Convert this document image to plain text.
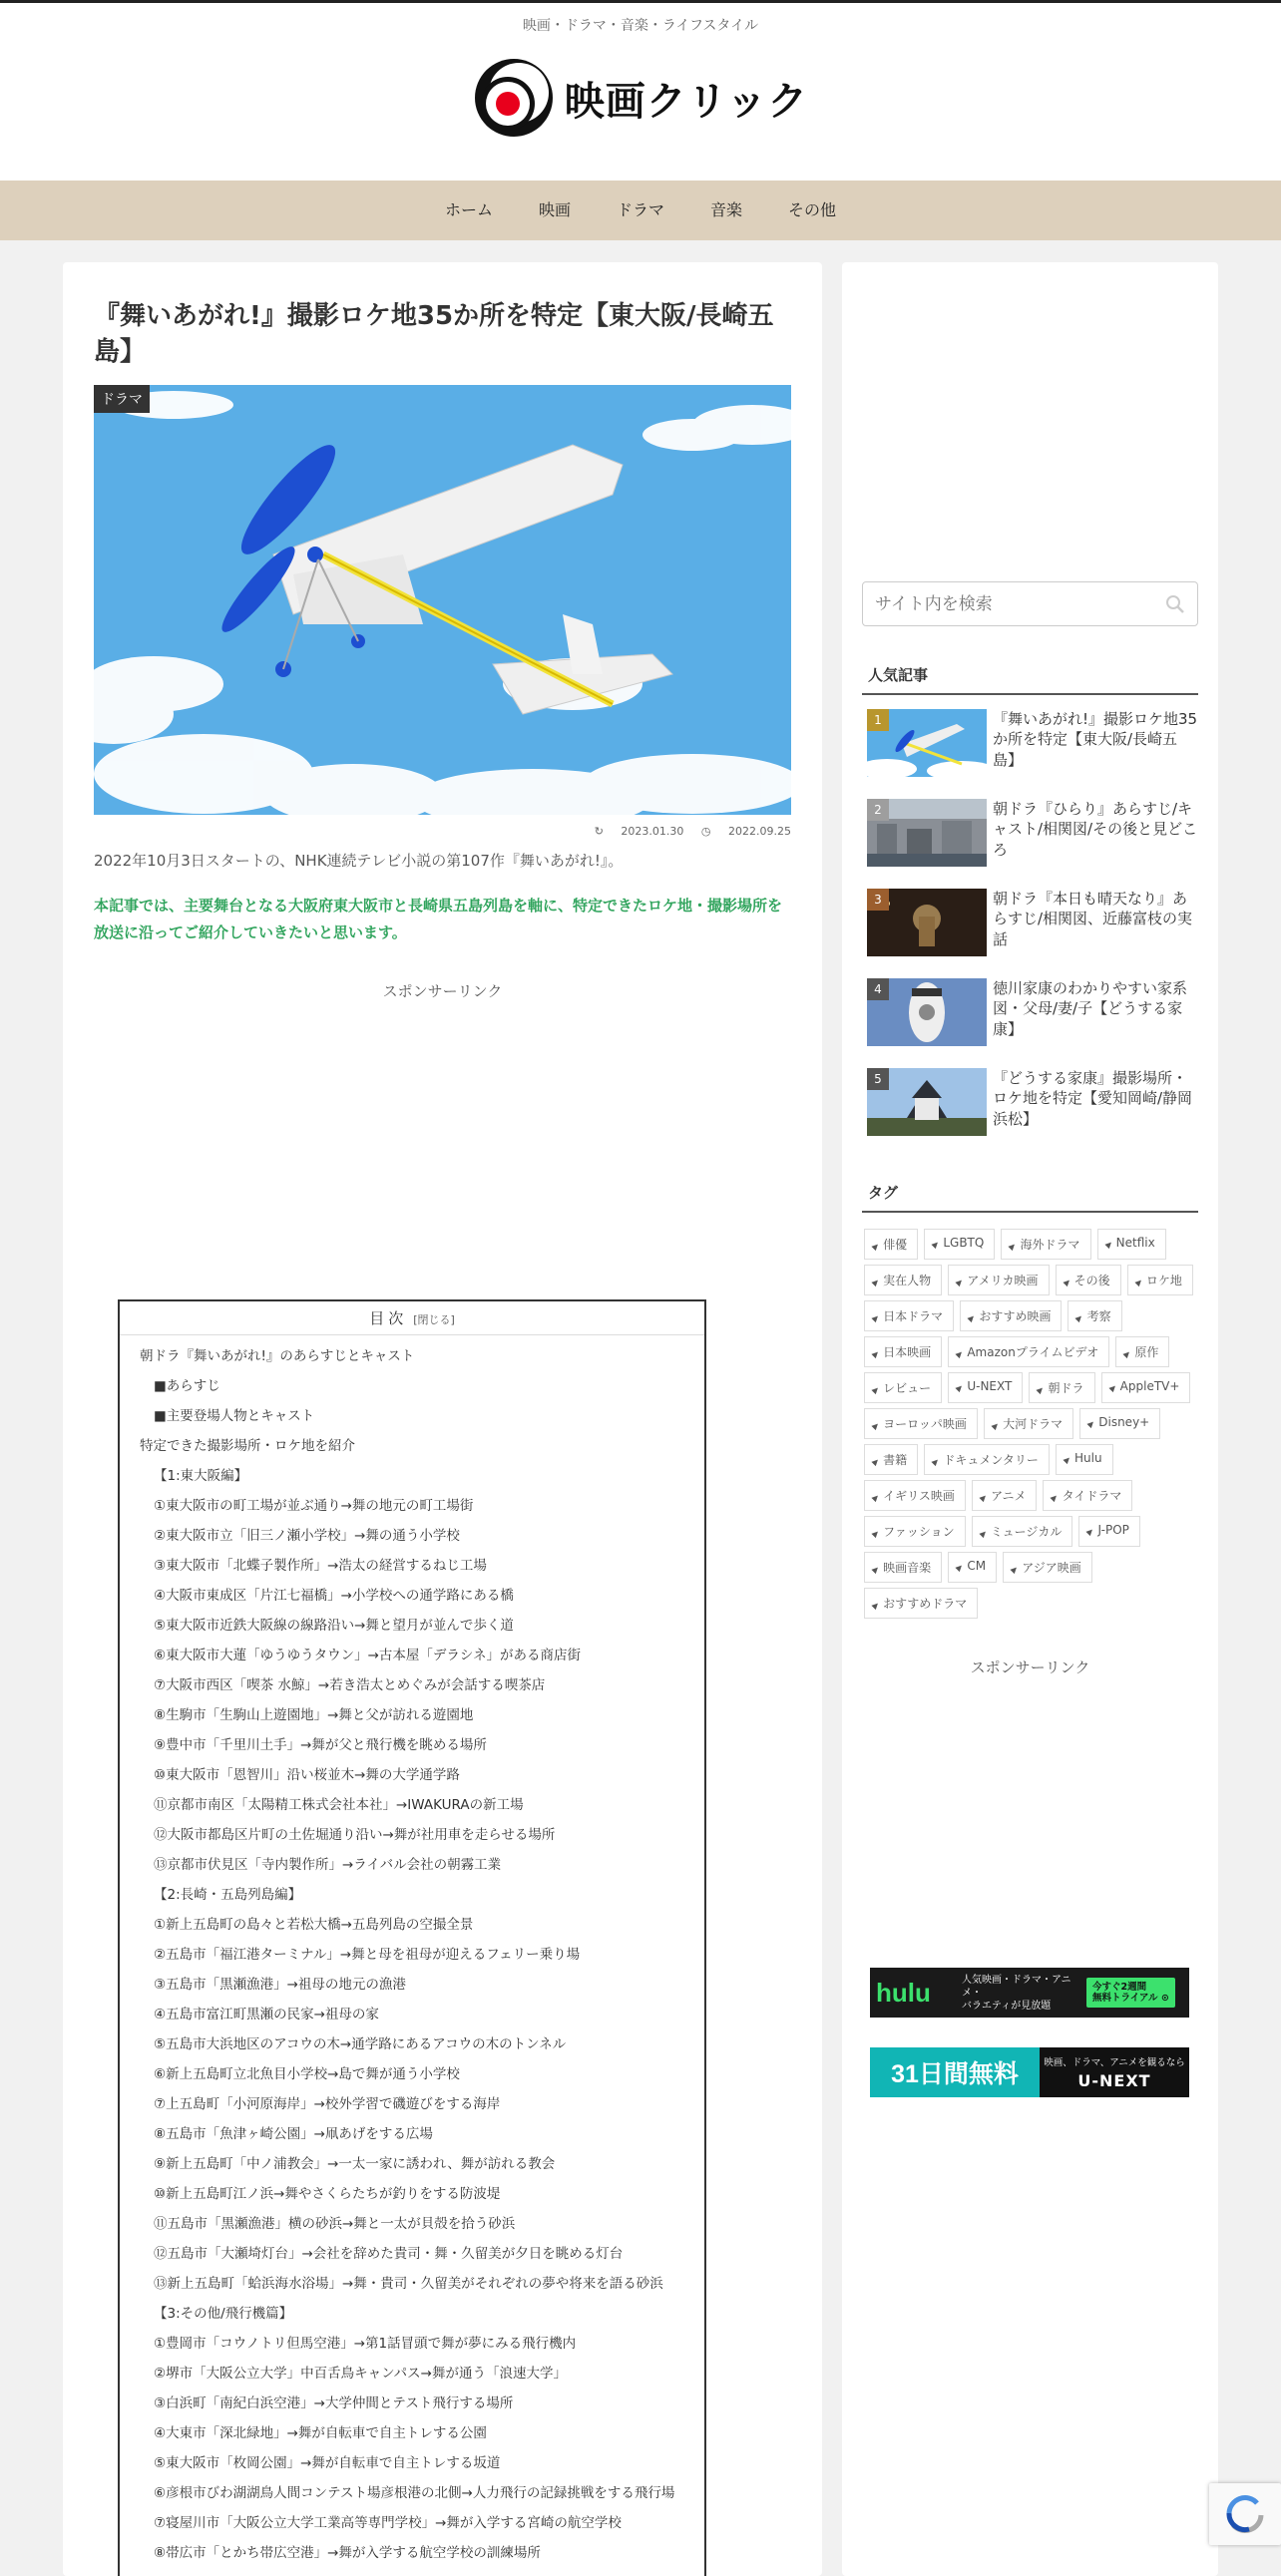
映画・ドラマ・音楽・ライフスタイル
映画クリック
ホーム	映画	ドラマ	音楽	その他
『舞いあがれ!』撮影ロケ地35か所を特定【東大阪/長崎五島】
ドラマ
↻ 2023.01.30 ◷ 2022.09.25

2022年10月3日スタートの、NHK連続テレビ小説の第107作『舞いあがれ!』。

本記事では、主要舞台となる大阪府東大阪市と長崎県五島列島を軸に、特定できたロケ地・撮影場所を放送に沿ってご紹介していきたいと思います。

スポンサーリンク
目次 [閉じる]
朝ドラ『舞いあがれ!』のあらすじとキャスト
■あらすじ
■主要登場人物とキャスト
特定できた撮影場所・ロケ地を紹介
【1:東大阪編】
①東大阪市の町工場が並ぶ通り→舞の地元の町工場街
②東大阪市立「旧三ノ瀬小学校」→舞の通う小学校
③東大阪市「北蝶子製作所」→浩太の経営するねじ工場
④大阪市東成区「片江七福橋」→小学校への通学路にある橋
⑤東大阪市近鉄大阪線の線路沿い→舞と望月が並んで歩く道
⑥東大阪市大蓮「ゆうゆうタウン」→古本屋「デラシネ」がある商店街
⑦大阪市西区「喫茶 水鯨」→若き浩太とめぐみが会話する喫茶店
⑧生駒市「生駒山上遊園地」→舞と父が訪れる遊園地
⑨豊中市「千里川土手」→舞が父と飛行機を眺める場所
⑩東大阪市「恩智川」沿い桜並木→舞の大学通学路
⑪京都市南区「太陽精工株式会社本社」→IWAKURAの新工場
⑫大阪市都島区片町の土佐堀通り沿い→舞が社用車を走らせる場所
⑬京都市伏見区「寺内製作所」→ライバル会社の朝霧工業
【2:長崎・五島列島編】
①新上五島町の島々と若松大橋→五島列島の空撮全景
②五島市「福江港ターミナル」→舞と母を祖母が迎えるフェリー乗り場
③五島市「黒瀬漁港」→祖母の地元の漁港
④五島市富江町黒瀬の民家→祖母の家
⑤五島市大浜地区のアコウの木→通学路にあるアコウの木のトンネル
⑥新上五島町立北魚目小学校→島で舞が通う小学校
⑦上五島町「小河原海岸」→校外学習で磯遊びをする海岸
⑧五島市「魚津ヶ崎公園」→凧あげをする広場
⑨新上五島町「中ノ浦教会」→一太一家に誘われ、舞が訪れる教会
⑩新上五島町江ノ浜→舞やさくらたちが釣りをする防波堤
⑪五島市「黒瀬漁港」横の砂浜→舞と一太が貝殻を拾う砂浜
⑫五島市「大瀬埼灯台」→会社を辞めた貴司・舞・久留美が夕日を眺める灯台
⑬新上五島町「蛤浜海水浴場」→舞・貴司・久留美がそれぞれの夢や将来を語る砂浜
【3:その他/飛行機篇】
①豊岡市「コウノトリ但馬空港」→第1話冒頭で舞が夢にみる飛行機内
②堺市「大阪公立大学」中百舌鳥キャンパス→舞が通う「浪速大学」
③白浜町「南紀白浜空港」→大学仲間とテスト飛行する場所
④大東市「深北緑地」→舞が自転車で自主トレする公園
⑤東大阪市「枚岡公園」→舞が自転車で自主トレする坂道
⑥彦根市びわ湖湖鳥人間コンテスト場彦根港の北側→人力飛行の記録挑戦をする飛行場
⑦寝屋川市「大阪公立大学工業高等専門学校」→舞が入学する宮崎の航空学校
⑧帯広市「とかち帯広空港」→舞が入学する航空学校の訓練場所
サイト内を検索
人気記事
1	『舞いあがれ!』撮影ロケ地35か所を特定【東大阪/長崎五島】
2	朝ドラ『ひらり』あらすじ/キャスト/相関図/その後と見どころ
3	朝ドラ『本日も晴天なり』あらすじ/相関図、近藤富枝の実話
4	徳川家康のわかりやすい家系図・父母/妻/子【どうする家康】
5	『どうする家康』撮影場所・ロケ地を特定【愛知岡崎/静岡浜松】
タグ
▲ 俳優	▲ LGBTQ	▲ 海外ドラマ	▲ Netflix
▲ 実在人物	▲ アメリカ映画	▲ その後	▲ ロケ地
▲ 日本ドラマ	▲ おすすめ映画	▲ 考察
▲ 日本映画	▲ Amazonプライムビデオ	▲ 原作
▲ レビュー	▲ U-NEXT	▲ 朝ドラ	▲ AppleTV+
▲ ヨーロッパ映画	▲ 大河ドラマ	▲ Disney+
▲ 書籍	▲ ドキュメンタリー	▲ Hulu
▲ イギリス映画	▲ アニメ	▲ タイドラマ
▲ ファッション	▲ ミュージカル	▲ J-POP
▲ 映画音楽	▲ CM	▲ アジア映画
▲ おすすめドラマ
スポンサーリンク
hulu	人気映画・ドラマ・アニメ・
バラエティが見放題
今すぐ2週間
無料トライアル ⊙
31日間無料	映画、ドラマ、アニメを観るなら
U-NEXT
